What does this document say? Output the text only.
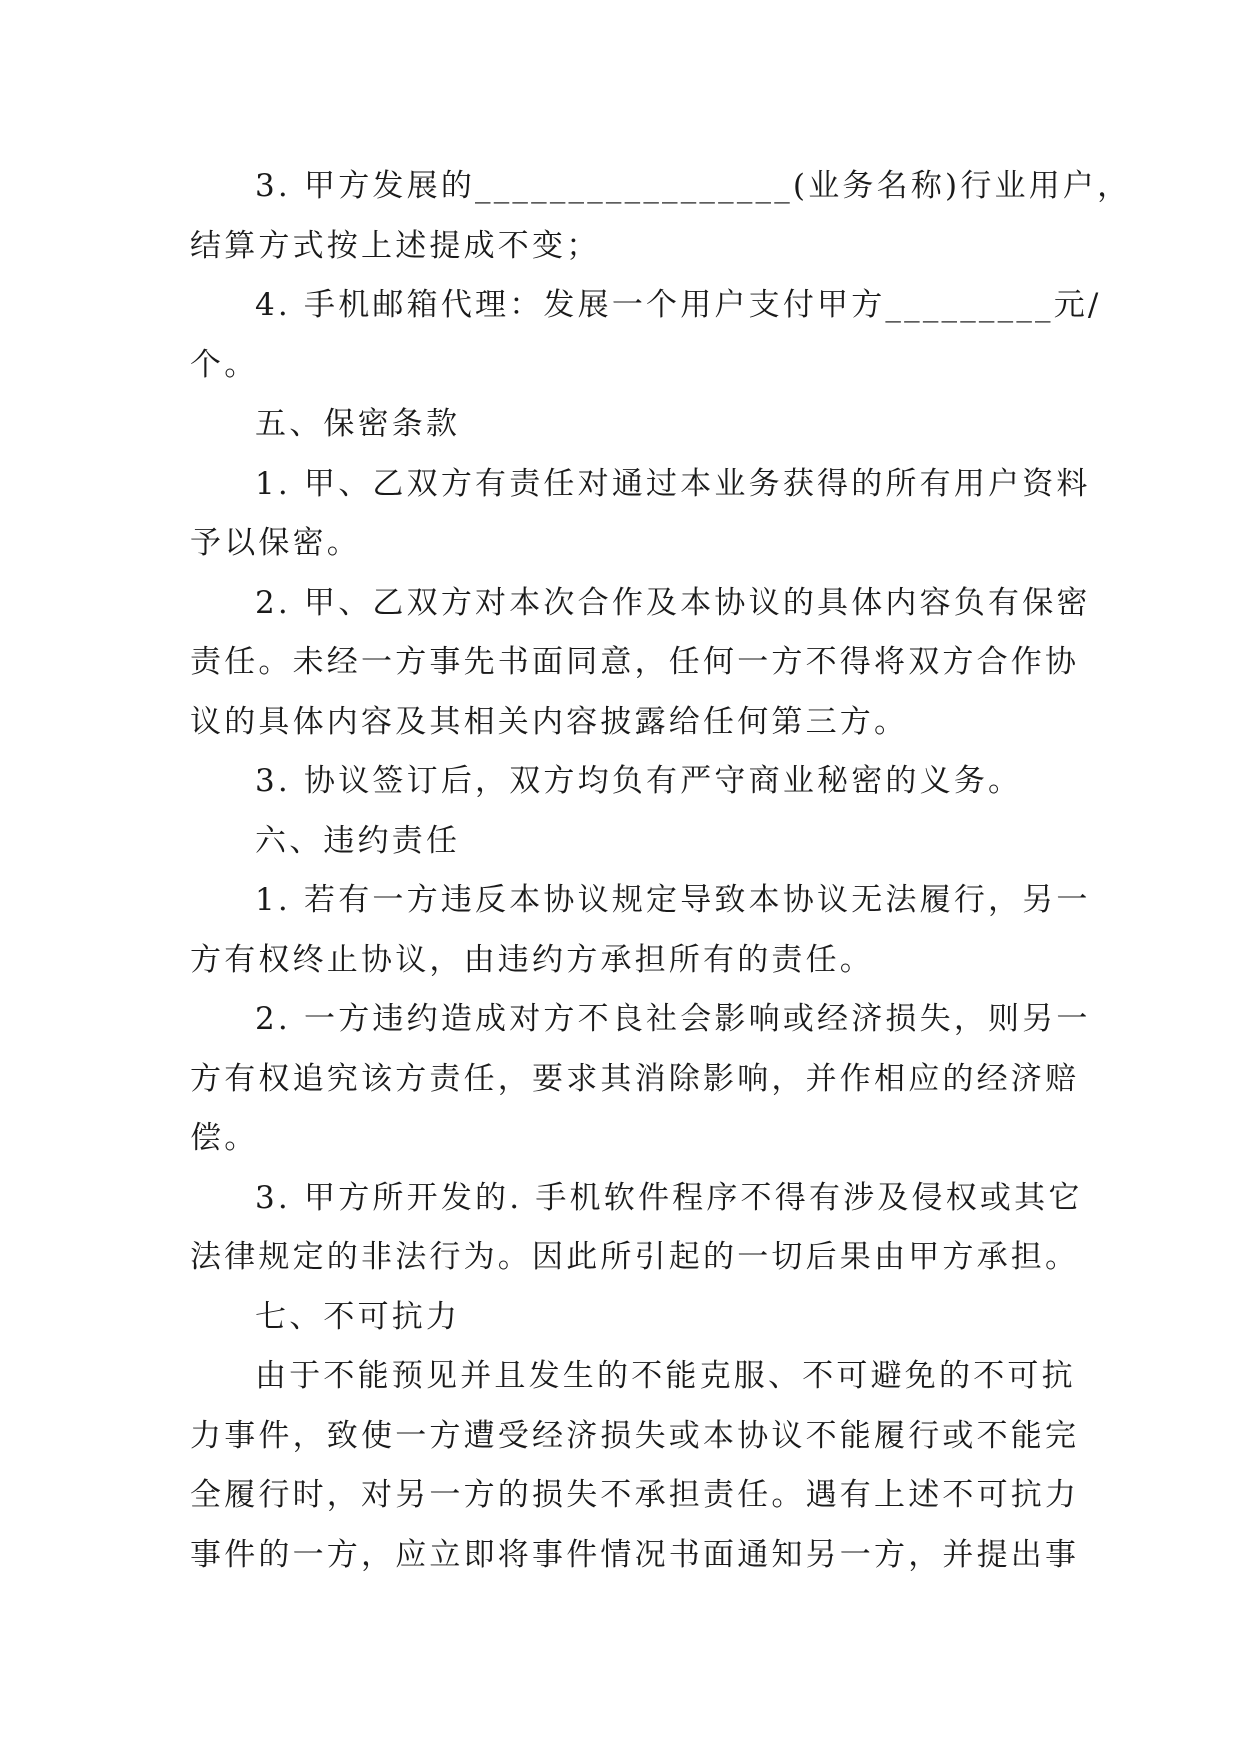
3. 甲方发展的_________________(业务名称)行业用户，
结算方式按上述提成不变；
4. 手机邮箱代理：发展一个用户支付甲方_________元/
个。
五、保密条款
1. 甲、乙双方有责任对通过本业务获得的所有用户资料
予以保密。
2. 甲、乙双方对本次合作及本协议的具体内容负有保密
责任。未经一方事先书面同意，任何一方不得将双方合作协
议的具体内容及其相关内容披露给任何第三方。
3. 协议签订后，双方均负有严守商业秘密的义务。
六、违约责任
1. 若有一方违反本协议规定导致本协议无法履行，另一
方有权终止协议，由违约方承担所有的责任。
2. 一方违约造成对方不良社会影响或经济损失，则另一
方有权追究该方责任，要求其消除影响，并作相应的经济赔
偿。
3. 甲方所开发的. 手机软件程序不得有涉及侵权或其它
法律规定的非法行为。因此所引起的一切后果由甲方承担。
七、不可抗力
由于不能预见并且发生的不能克服、不可避免的不可抗
力事件，致使一方遭受经济损失或本协议不能履行或不能完
全履行时，对另一方的损失不承担责任。遇有上述不可抗力
事件的一方，应立即将事件情况书面通知另一方，并提出事
